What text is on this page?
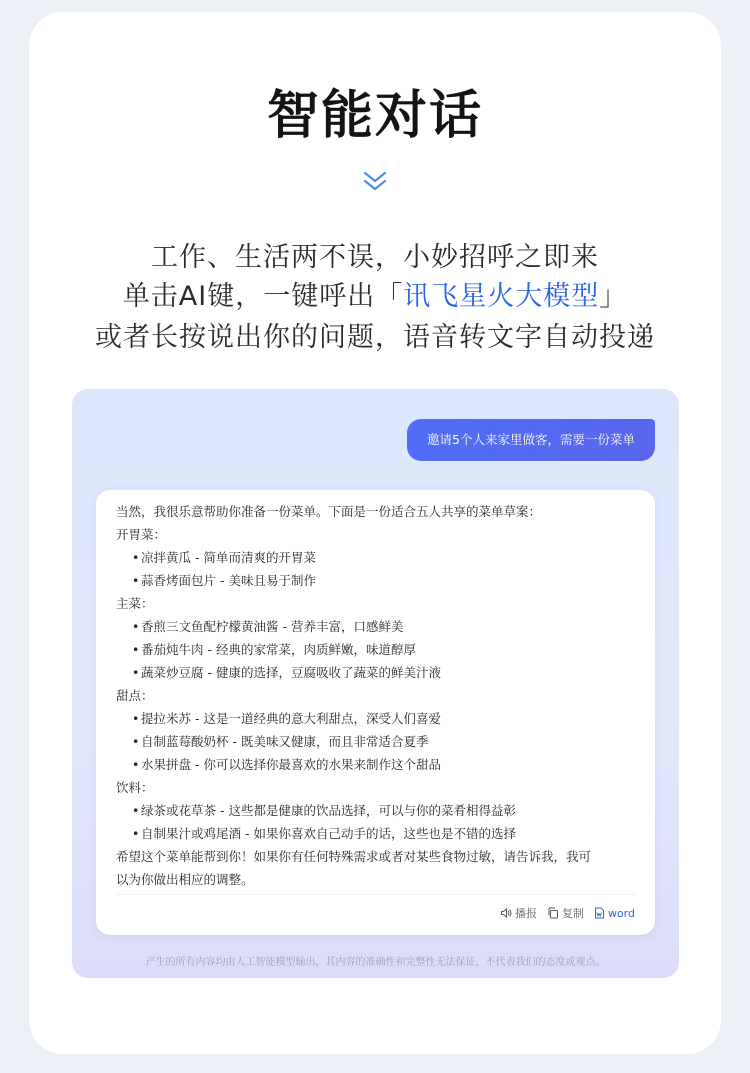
智能对话
工作、生活两不误，小妙招呼之即来
单击AI键，一键呼出「讯飞星火大模型」
或者长按说出你的问题，语音转文字自动投递
邀请5个人来家里做客，需要一份菜单
当然，我很乐意帮助你准备一份菜单。下面是一份适合五人共享的菜单草案：
开胃菜：
• 凉拌黄瓜 - 简单而清爽的开胃菜
• 蒜香烤面包片 - 美味且易于制作
主菜：
• 香煎三文鱼配柠檬黄油酱 - 营养丰富，口感鲜美
• 番茄炖牛肉 - 经典的家常菜，肉质鲜嫩，味道醇厚
• 蔬菜炒豆腐 - 健康的选择，豆腐吸收了蔬菜的鲜美汁液
甜点：
• 提拉米苏 - 这是一道经典的意大利甜点，深受人们喜爱
• 自制蓝莓酸奶杯 - 既美味又健康，而且非常适合夏季
• 水果拼盘 - 你可以选择你最喜欢的水果来制作这个甜品
饮料：
• 绿茶或花草茶 - 这些都是健康的饮品选择，可以与你的菜肴相得益彰
• 自制果汁或鸡尾酒 - 如果你喜欢自己动手的话，这些也是不错的选择
希望这个菜单能帮到你！如果你有任何特殊需求或者对某些食物过敏，请告诉我，我可
以为你做出相应的调整。
播报 复制 word
产生的所有内容均由人工智能模型输出，其内容的准确性和完整性无法保证，不代表我们的态度或观点。
